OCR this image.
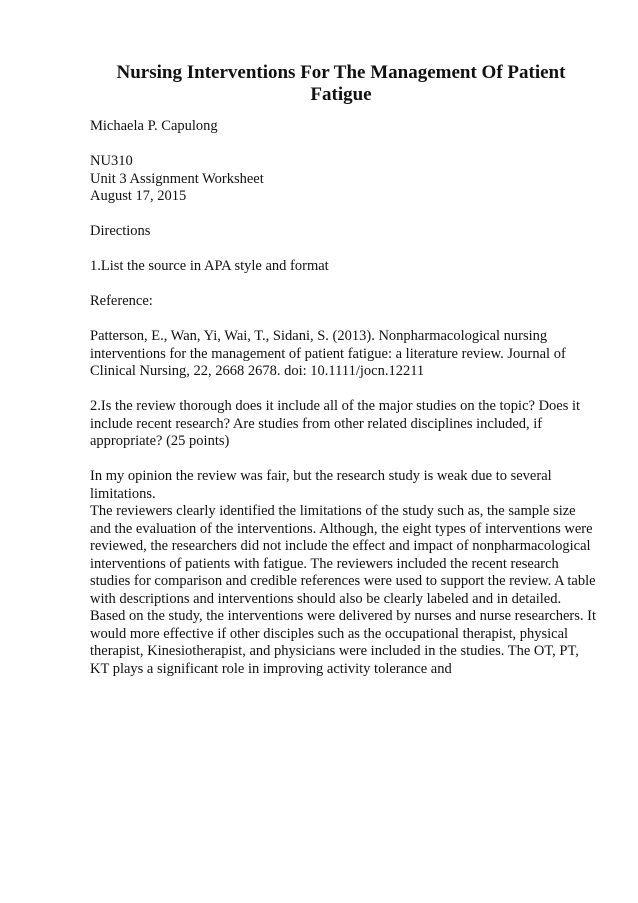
Nursing Interventions For The Management Of Patient Fatigue

Michaela P. Capulong

NU310

Unit 3 Assignment Worksheet

August 17, 2015

Directions

1.List the source in APA style and format

Reference:

Patterson, E., Wan, Yi, Wai, T., Sidani, S. (2013). Nonpharmacological nursing interventions for the management of patient fatigue: a literature review. Journal of Clinical Nursing, 22, 2668 2678. doi: 10.1111/jocn.12211

2.Is the review thorough does it include all of the major studies on the topic? Does it include recent research? Are studies from other related disciplines included, if appropriate? (25 points)

In my opinion the review was fair, but the research study is weak due to several limitations.

The reviewers clearly identified the limitations of the study such as, the sample size and the evaluation of the interventions. Although, the eight types of interventions were reviewed, the researchers did not include the effect and impact of nonpharmacological interventions of patients with fatigue. The reviewers included the recent research studies for comparison and credible references were used to support the review. A table with descriptions and interventions should also be clearly labeled and in detailed. Based on the study, the interventions were delivered by nurses and nurse researchers. It would more effective if other disciples such as the occupational therapist, physical therapist, Kinesiotherapist, and physicians were included in the studies. The OT, PT, KT plays a significant role in improving activity tolerance and
